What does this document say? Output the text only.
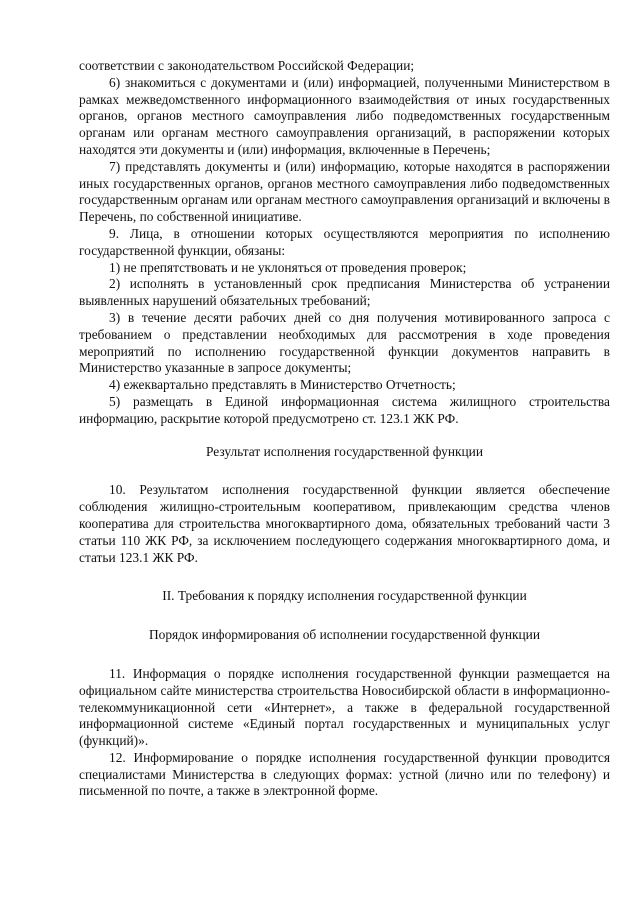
соответствии с законодательством Российской Федерации;

6) знакомиться с документами и (или) информацией, полученными Министерством в рамках межведомственного информационного взаимодействия от иных государственных органов, органов местного самоуправления либо подведомственных государственным органам или органам местного самоуправления организаций, в распоряжении которых находятся эти документы и (или) информация, включенные в Перечень;

7) представлять документы и (или) информацию, которые находятся в распоряжении иных государственных органов, органов местного самоуправления либо подведомственных государственным органам или органам местного самоуправления организаций и включены в Перечень, по собственной инициативе.

9. Лица, в отношении которых осуществляются мероприятия по исполнению государственной функции, обязаны:

1) не препятствовать и не уклоняться от проведения проверок;

2) исполнять в установленный срок предписания Министерства об устранении выявленных нарушений обязательных требований;

3) в течение десяти рабочих дней со дня получения мотивированного запроса с требованием о представлении необходимых для рассмотрения в ходе проведения мероприятий по исполнению государственной функции документов направить в Министерство указанные в запросе документы;

4) ежеквартально представлять в Министерство Отчетность;

5) размещать в Единой информационная система жилищного строительства информацию, раскрытие которой предусмотрено ст. 123.1 ЖК РФ.

Результат исполнения государственной функции

10. Результатом исполнения государственной функции является обеспечение соблюдения жилищно-строительным кооперативом, привлекающим средства членов кооператива для строительства многоквартирного дома, обязательных требований части 3 статьи 110 ЖК РФ, за исключением последующего содержания многоквартирного дома, и статьи 123.1 ЖК РФ.

II. Требования к порядку исполнения государственной функции

Порядок информирования об исполнении государственной функции

11. Информация о порядке исполнения государственной функции размещается на официальном сайте министерства строительства Новосибирской области в информационно-телекоммуникационной сети «Интернет», а также в федеральной государственной информационной системе «Единый портал государственных и муниципальных услуг (функций)».

12. Информирование о порядке исполнения государственной функции проводится специалистами Министерства в следующих формах: устной (лично или по телефону) и письменной по почте, а также в электронной форме.
